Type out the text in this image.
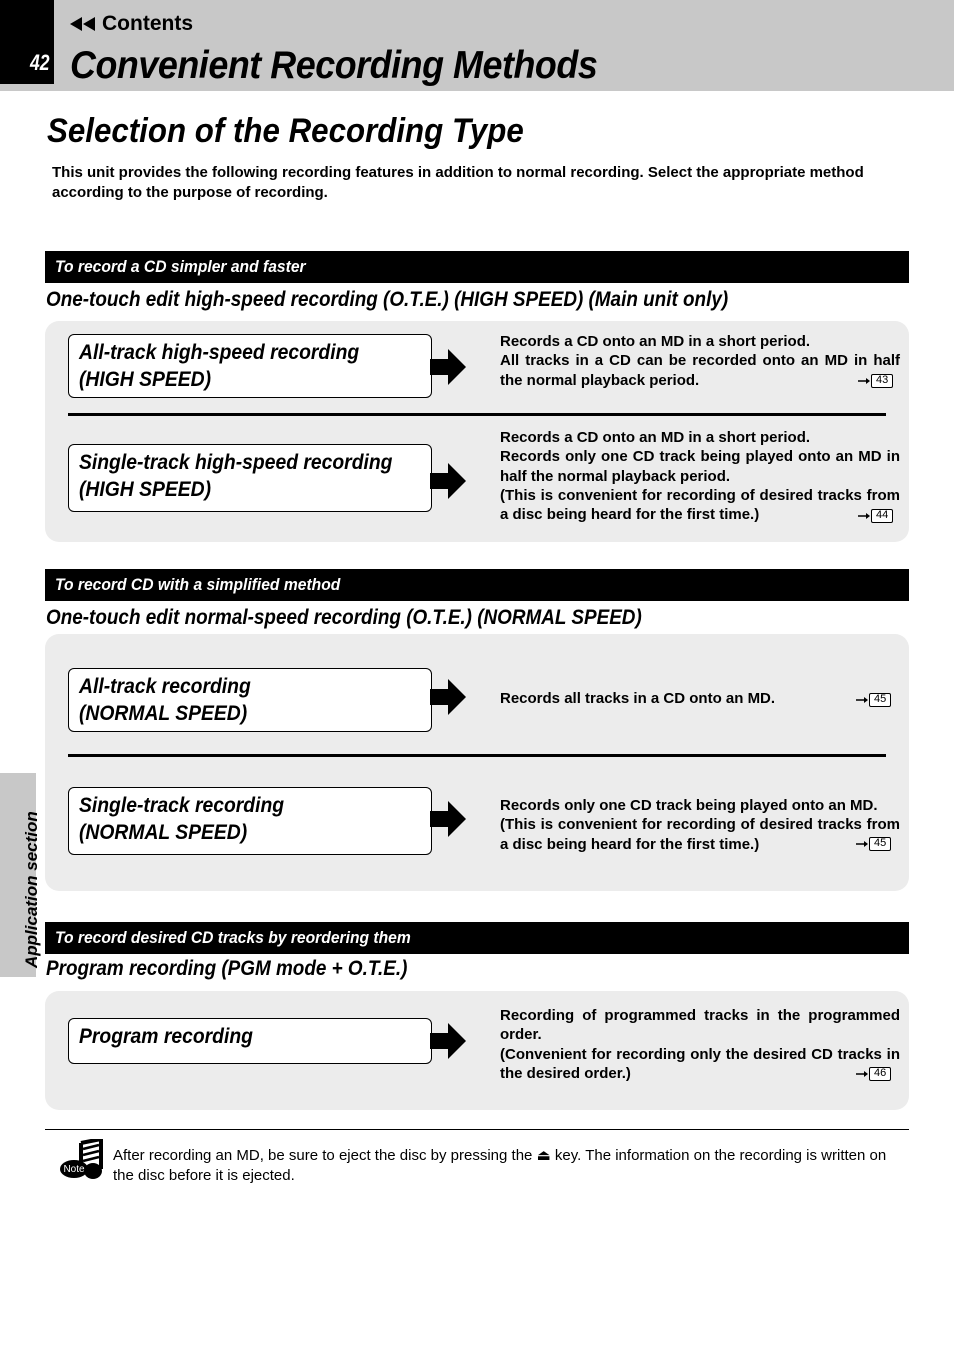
42
Contents
Convenient Recording Methods
Selection of the Recording Type
This unit provides the following recording features in addition to normal recording. Select the appropriate method according to the purpose of recording.
To record a CD simpler and faster
One-touch edit high-speed recording (O.T.E.) (HIGH SPEED) (Main unit only)
All-track high-speed recording
(HIGH SPEED)

Records a CD onto an MD in a short period.

All tracks in a CD can be recorded onto an MD in half the normal playback period.	43
Single-track high-speed recording
(HIGH SPEED)

Records a CD onto an MD in a short period.

Records only one CD track being played onto an MD in half the normal playback period.

(This is convenient for recording of desired tracks from a disc being heard for the first time.)	44
To record CD with a simplified method
One-touch edit normal-speed recording (O.T.E.) (NORMAL SPEED)
All-track recording
(NORMAL SPEED)

Records all tracks in a CD onto an MD.	45
Single-track recording
(NORMAL SPEED)

Records only one CD track being played onto an MD.

(This is convenient for recording of desired tracks from a disc being heard for the first time.)	45
To record desired CD tracks by reordering them
Program recording (PGM mode + O.T.E.)
Program recording

Recording of programmed tracks in the programmed order.

(Convenient for recording only the desired CD tracks in the desired order.)	46
Application section
Note
After recording an MD, be sure to eject the disc by pressing the ⏏ key. The information on the recording is written on the disc before it is ejected.
